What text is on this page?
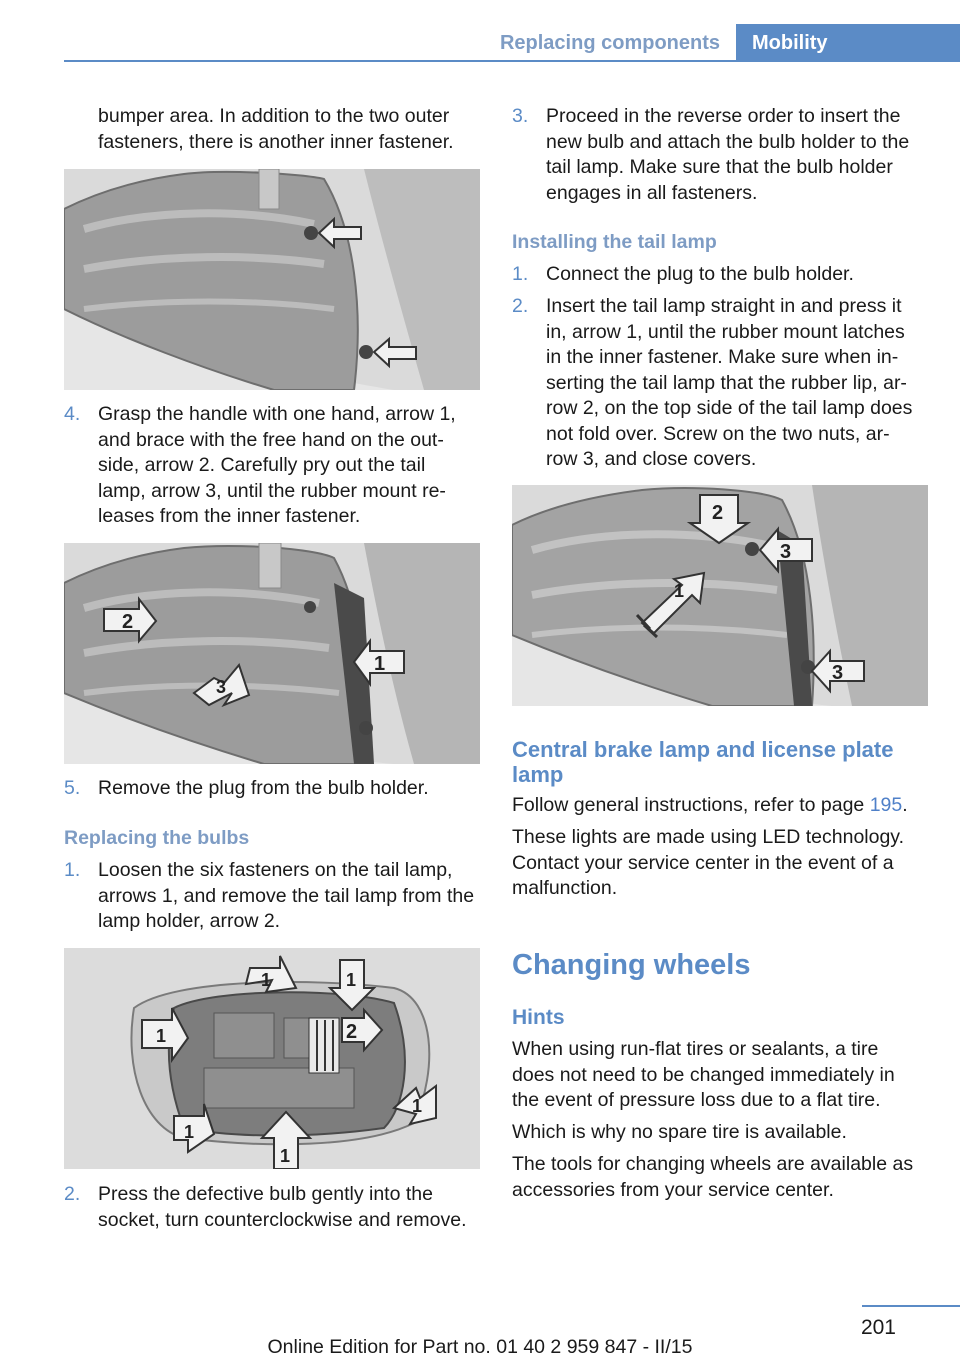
Replacing components	Mobility
bumper area. In addition to the two outer
fasteners, there is another inner fastener.
4. Grasp the handle with one hand, arrow 1,
and brace with the free hand on the out‐
side, arrow 2. Carefully pry out the tail
lamp, arrow 3, until the rubber mount re‐
leases from the inner fastener.
2
1
3
5. Remove the plug from the bulb holder.
Replacing the bulbs
1. Loosen the six fasteners on the tail lamp,
arrows 1, and remove the tail lamp from the
lamp holder, arrow 2.
2
1	1
1
1
1
1
2. Press the defective bulb gently into the
socket, turn counterclockwise and remove.
3. Proceed in the reverse order to insert the
new bulb and attach the bulb holder to the
tail lamp. Make sure that the bulb holder
engages in all fasteners.
Installing the tail lamp
1. Connect the plug to the bulb holder.
2. Insert the tail lamp straight in and press it
in, arrow 1, until the rubber mount latches
in the inner fastener. Make sure when in‐
serting the tail lamp that the rubber lip, ar‐
row 2, on the top side of the tail lamp does
not fold over. Screw on the two nuts, ar‐
row 3, and close covers.
2
3
1
3
Central brake lamp and license plate
lamp
Follow general instructions, refer to page 195.
These lights are made using LED technology.
Contact your service center in the event of a
malfunction.
Changing wheels
Hints
When using run-flat tires or sealants, a tire
does not need to be changed immediately in
the event of pressure loss due to a flat tire.
Which is why no spare tire is available.
The tools for changing wheels are available as
accessories from your service center.
201
Online Edition for Part no. 01 40 2 959 847 - II/15
